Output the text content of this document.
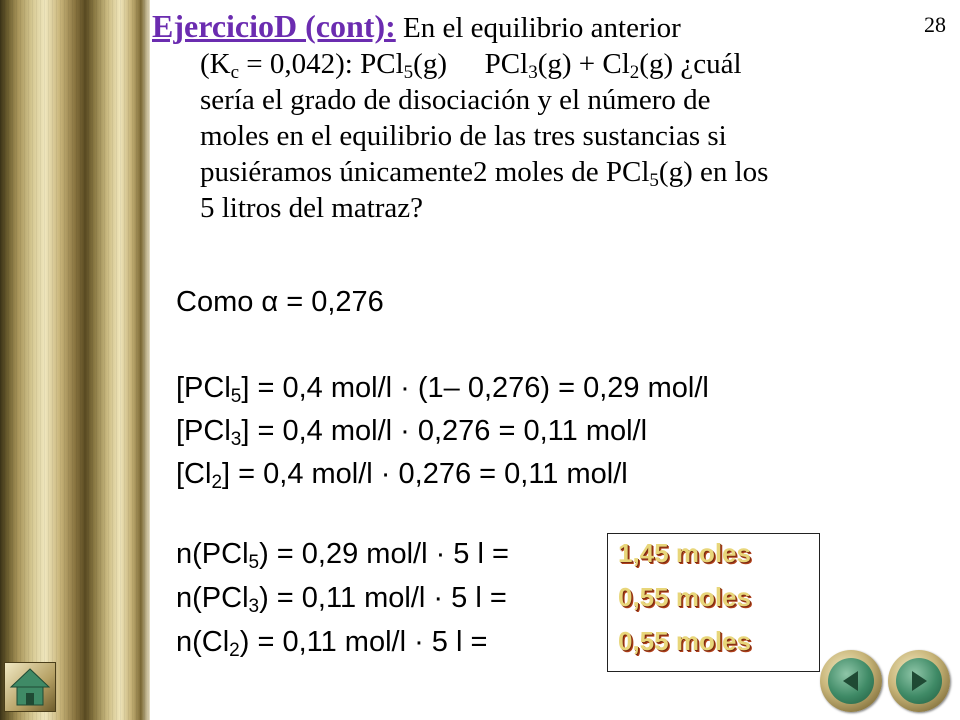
28
EjercicioD (cont): En el equilibrio anterior
$(K_c = 0,042)$: PCl$_5$(g)  $PCl_3(g) + Cl_2(g)$ ¿cuál
sería el grado de disociación y el número de
moles en el equilibrio de las tres sustancias si
pusiéramos únicamente2 moles de PCl$_5$(g) en los
5 litros del matraz?
Como α = 0,276
[PCl$_5$] = 0,4 mol/l · (1– 0,276) = 0,29 mol/l
[PCl$_3$] = 0,4 mol/l · 0,276 = 0,11 mol/l
$[Cl_2] = 0,4$ mol/l · 0,276 = 0,11 mol/l
n(PCl$_5$) = 0,29 mol/l · 5 l =
n(PCl$_3$) = 0,11 mol/l · 5 l =
$n(Cl_2) = 0,11$ mol/l · 5 l =
1,45 moles
0,55 moles
0,55 moles
